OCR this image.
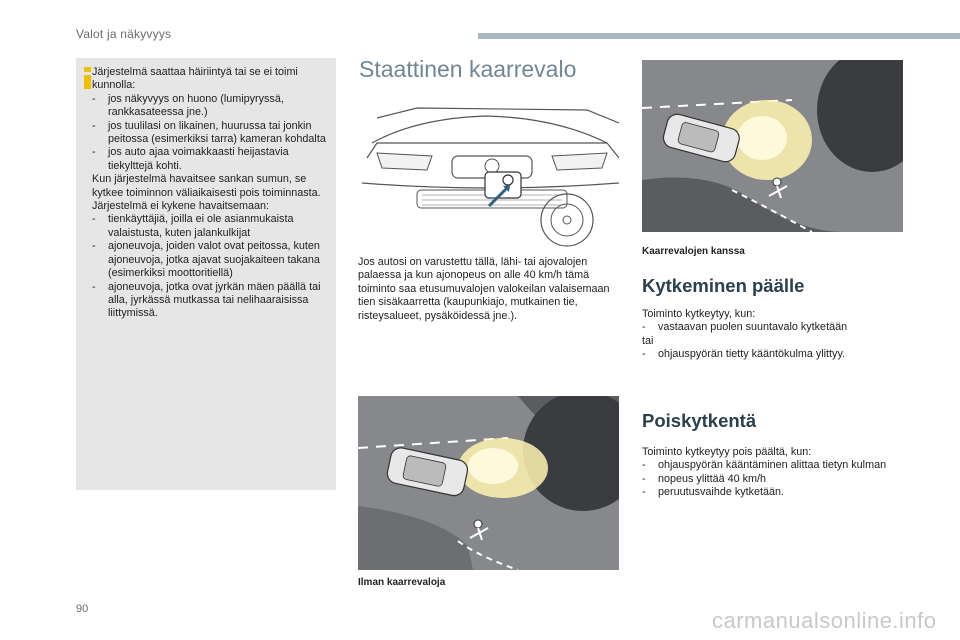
Valot ja näkyvyys

Järjestelmä saattaa häiriintyä tai se ei toimi kunnolla:

- jos näkyvyys on huono (lumipyryssä, rankkasateessa jne.)

- jos tuulilasi on likainen, huurussa tai jonkin peitossa (esimerkiksi tarra) kameran kohdalta

- jos auto ajaa voimakkaasti heijastavia tiekylttejä kohti.

Kun järjestelmä havaitsee sankan sumun, se kytkee toiminnon väliaikaisesti pois toiminnasta.

Järjestelmä ei kykene havaitsemaan:

- tienkäyttäjiä, joilla ei ole asianmukaista valaistusta, kuten jalankulkijat

- ajoneuvoja, joiden valot ovat peitossa, kuten ajoneuvoja, jotka ajavat suojakaiteen takana (esimerkiksi moottoritiellä)

- ajoneuvoja, jotka ovat jyrkän mäen päällä tai alla, jyrkässä mutkassa tai nelihaaraisissa liittymissä.

Staattinen kaarrevalo

Jos autosi on varustettu tällä, lähi- tai ajovalojen palaessa ja kun ajonopeus on alle 40 km/h tämä toiminto saa etusumuvalojen valokeilan valaisemaan tien sisäkaarretta (kaupunkiajo, mutkainen tie, risteysalueet, pysäköidessä jne.).

Ilman kaarrevaloja
Kaarrevalojen kanssa
Kytkeminen päälle

Toiminto kytkeytyy, kun:

- vastaavan puolen suuntavalo kytketään

tai

- ohjauspyörän tietty kääntökulma ylittyy.

Poiskytkentä

Toiminto kytkeytyy pois päältä, kun:

- ohjauspyörän kääntäminen alittaa tietyn kulman

- nopeus ylittää 40 km/h

- peruutusvaihde kytketään.

90	carmanualsonline.info
